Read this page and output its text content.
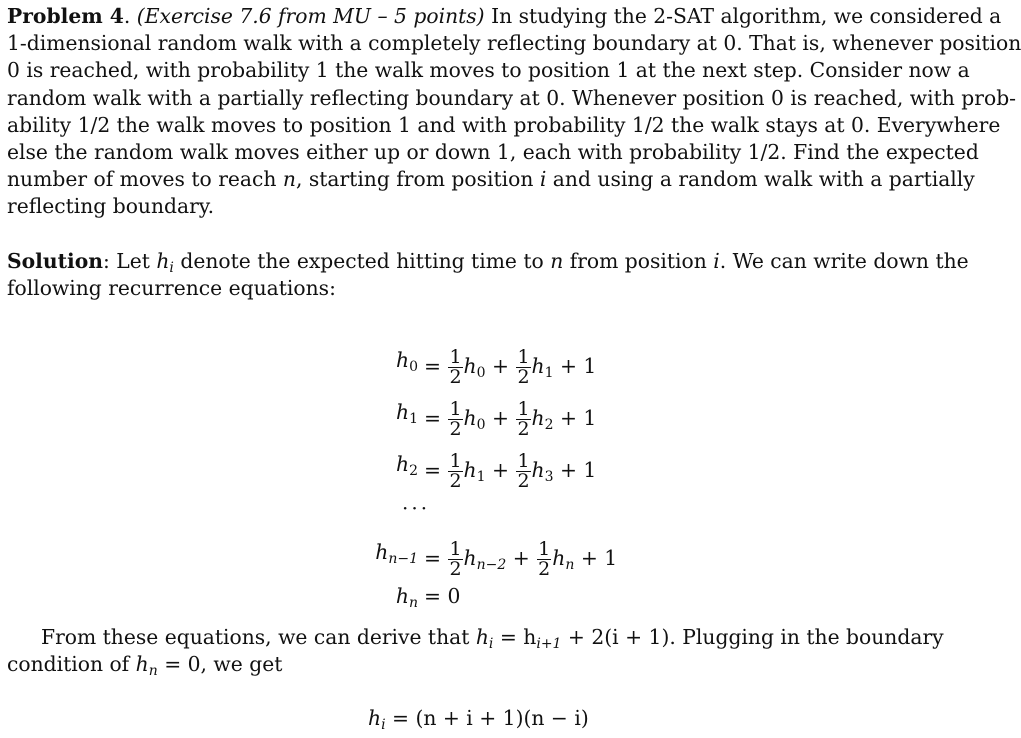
Problem 4. (Exercise 7.6 from MU – 5 points) In studying the 2-SAT algorithm, we considered a
1-dimensional random walk with a completely reflecting boundary at 0. That is, whenever position
0 is reached, with probability 1 the walk moves to position 1 at the next step. Consider now a
random walk with a partially reflecting boundary at 0. Whenever position 0 is reached, with prob-
ability 1/2 the walk moves to position 1 and with probability 1/2 the walk stays at 0. Everywhere
else the random walk moves either up or down 1, each with probability 1/2. Find the expected
number of moves to reach n, starting from position i and using a random walk with a partially
reflecting boundary.
Solution: Let $h_i$ denote the expected hitting time to n from position i. We can write down the
following recurrence equations:
$h_0 = \frac{1}{2} h_0 + \frac{1}{2} h_1 + 1$
$h_1 = \frac{1}{2} h_0 + \frac{1}{2} h_2 + 1$
$h_2 = \frac{1}{2} h_1 + \frac{1}{2} h_3 + 1$
···
$h_{n-1} = \frac{1}{2} h_{n-2} + \frac{1}{2} h_n + 1$
$h_n = 0$
From these equations, we can derive that $h_i = h_{i+1} + 2(i + 1)$. Plugging in the boundary
condition of $h_n = 0$, we get
$h_i = (n + i + 1)(n - i)$
